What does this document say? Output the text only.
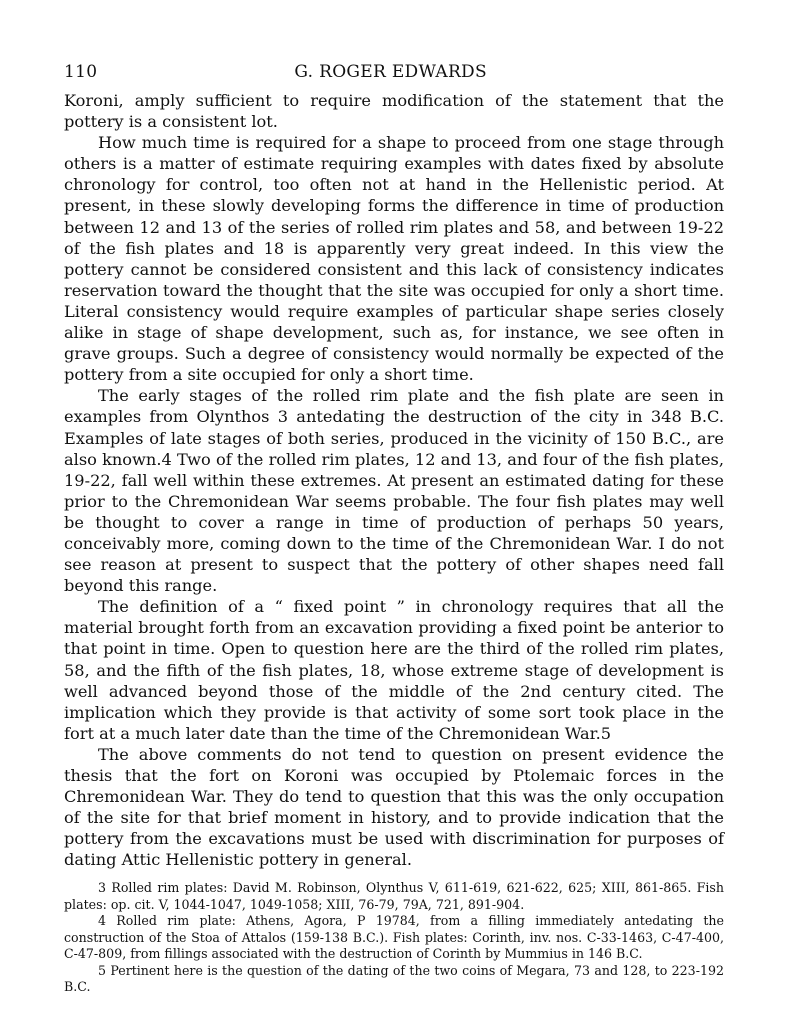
110	G. ROGER EDWARDS

Koroni, amply sufficient to require modification of the statement that the pottery is a consistent lot.

How much time is required for a shape to proceed from one stage through others is a matter of estimate requiring examples with dates fixed by absolute chronology for control, too often not at hand in the Hellenistic period. At present, in these slowly developing forms the difference in time of production between 12 and 13 of the series of rolled rim plates and 58, and between 19-22 of the fish plates and 18 is apparently very great indeed. In this view the pottery cannot be considered consistent and this lack of consistency indicates reservation toward the thought that the site was occupied for only a short time. Literal consistency would require examples of particular shape series closely alike in stage of shape development, such as, for instance, we see often in grave groups. Such a degree of consistency would normally be expected of the pottery from a site occupied for only a short time.

The early stages of the rolled rim plate and the fish plate are seen in examples from Olynthos 3 antedating the destruction of the city in 348 B.C. Examples of late stages of both series, produced in the vicinity of 150 B.C., are also known.4 Two of the rolled rim plates, 12 and 13, and four of the fish plates, 19-22, fall well within these extremes. At present an estimated dating for these prior to the Chremonidean War seems probable. The four fish plates may well be thought to cover a range in time of production of perhaps 50 years, conceivably more, coming down to the time of the Chremonidean War. I do not see reason at present to suspect that the pottery of other shapes need fall beyond this range.

The definition of a “ fixed point ” in chronology requires that all the material brought forth from an excavation providing a fixed point be anterior to that point in time. Open to question here are the third of the rolled rim plates, 58, and the fifth of the fish plates, 18, whose extreme stage of development is well advanced beyond those of the middle of the 2nd century cited. The implication which they provide is that activity of some sort took place in the fort at a much later date than the time of the Chremonidean War.5

The above comments do not tend to question on present evidence the thesis that the fort on Koroni was occupied by Ptolemaic forces in the Chremonidean War. They do tend to question that this was the only occupation of the site for that brief moment in history, and to provide indication that the pottery from the excavations must be used with discrimination for purposes of dating Attic Hellenistic pottery in general.

3 Rolled rim plates: David M. Robinson, Olynthus V, 611-619, 621-622, 625; XIII, 861-865. Fish plates: op. cit. V, 1044-1047, 1049-1058; XIII, 76-79, 79A, 721, 891-904.

4 Rolled rim plate: Athens, Agora, P 19784, from a filling immediately antedating the construction of the Stoa of Attalos (159-138 B.C.). Fish plates: Corinth, inv. nos. C-33-1463, C-47-400, C-47-809, from fillings associated with the destruction of Corinth by Mummius in 146 B.C.

5 Pertinent here is the question of the dating of the two coins of Megara, 73 and 128, to 223-192 B.C.
